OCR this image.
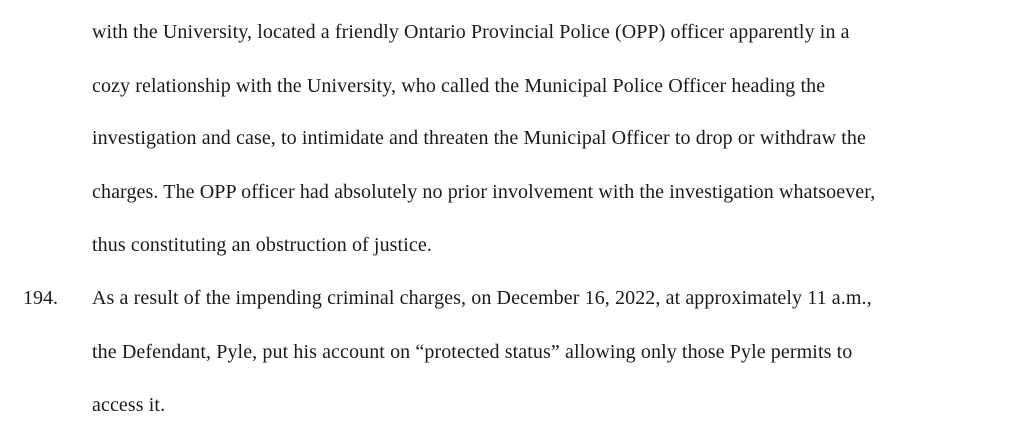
with the University, located a friendly Ontario Provincial Police (OPP) officer apparently in a
cozy relationship with the University, who called the Municipal Police Officer heading the
investigation and case, to intimidate and threaten the Municipal Officer to drop or withdraw the
charges. The OPP officer had absolutely no prior involvement with the investigation whatsoever,
thus constituting an obstruction of justice.
194. As a result of the impending criminal charges, on December 16, 2022, at approximately 11 a.m.,
the Defendant, Pyle, put his account on “protected status” allowing only those Pyle permits to
access it.
